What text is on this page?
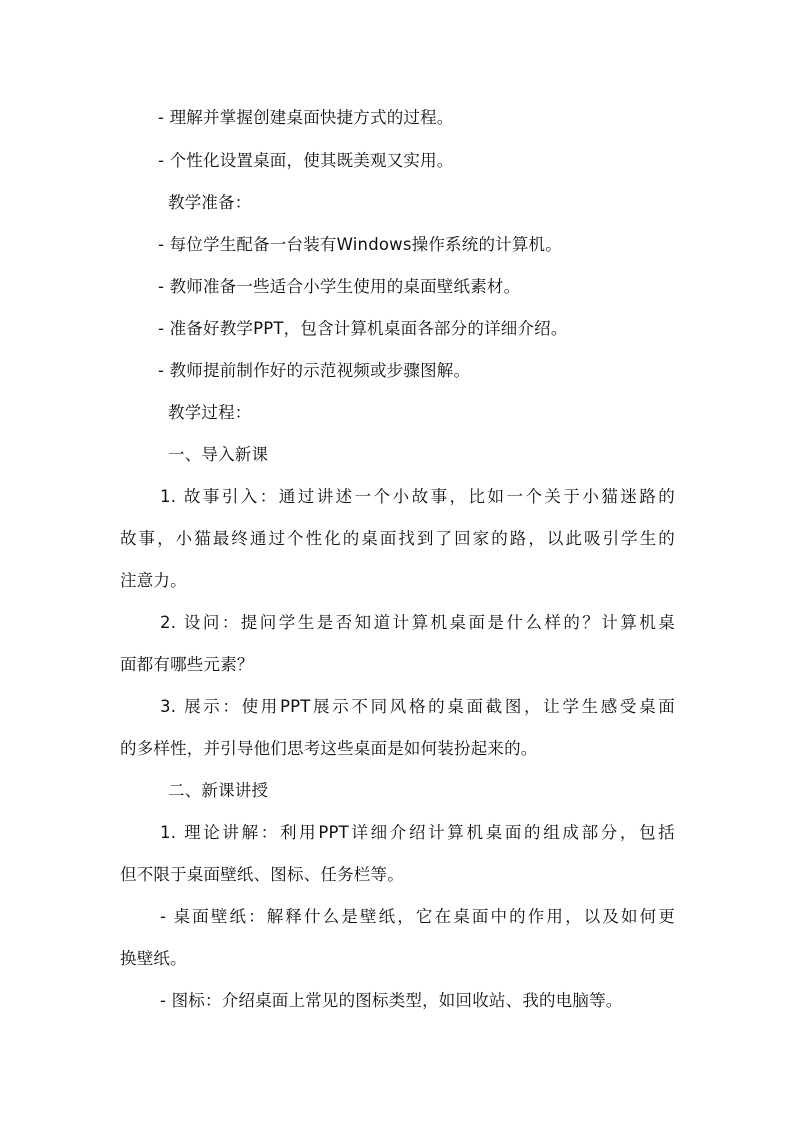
- 理解并掌握创建桌面快捷方式的过程。
- 个性化设置桌面，使其既美观又实用。
教学准备：
- 每位学生配备一台装有Windows操作系统的计算机。
- 教师准备一些适合小学生使用的桌面壁纸素材。
- 准备好教学PPT，包含计算机桌面各部分的详细介绍。
- 教师提前制作好的示范视频或步骤图解。
教学过程：
一、导入新课
1. 故事引入：通过讲述一个小故事，比如一个关于小猫迷路的
故事，小猫最终通过个性化的桌面找到了回家的路，以此吸引学生的
注意力。
2. 设问：提问学生是否知道计算机桌面是什么样的？计算机桌
面都有哪些元素？
3. 展示：使用PPT展示不同风格的桌面截图，让学生感受桌面
的多样性，并引导他们思考这些桌面是如何装扮起来的。
二、新课讲授
1. 理论讲解：利用PPT详细介绍计算机桌面的组成部分，包括
但不限于桌面壁纸、图标、任务栏等。
- 桌面壁纸：解释什么是壁纸，它在桌面中的作用，以及如何更
换壁纸。
- 图标：介绍桌面上常见的图标类型，如回收站、我的电脑等。
